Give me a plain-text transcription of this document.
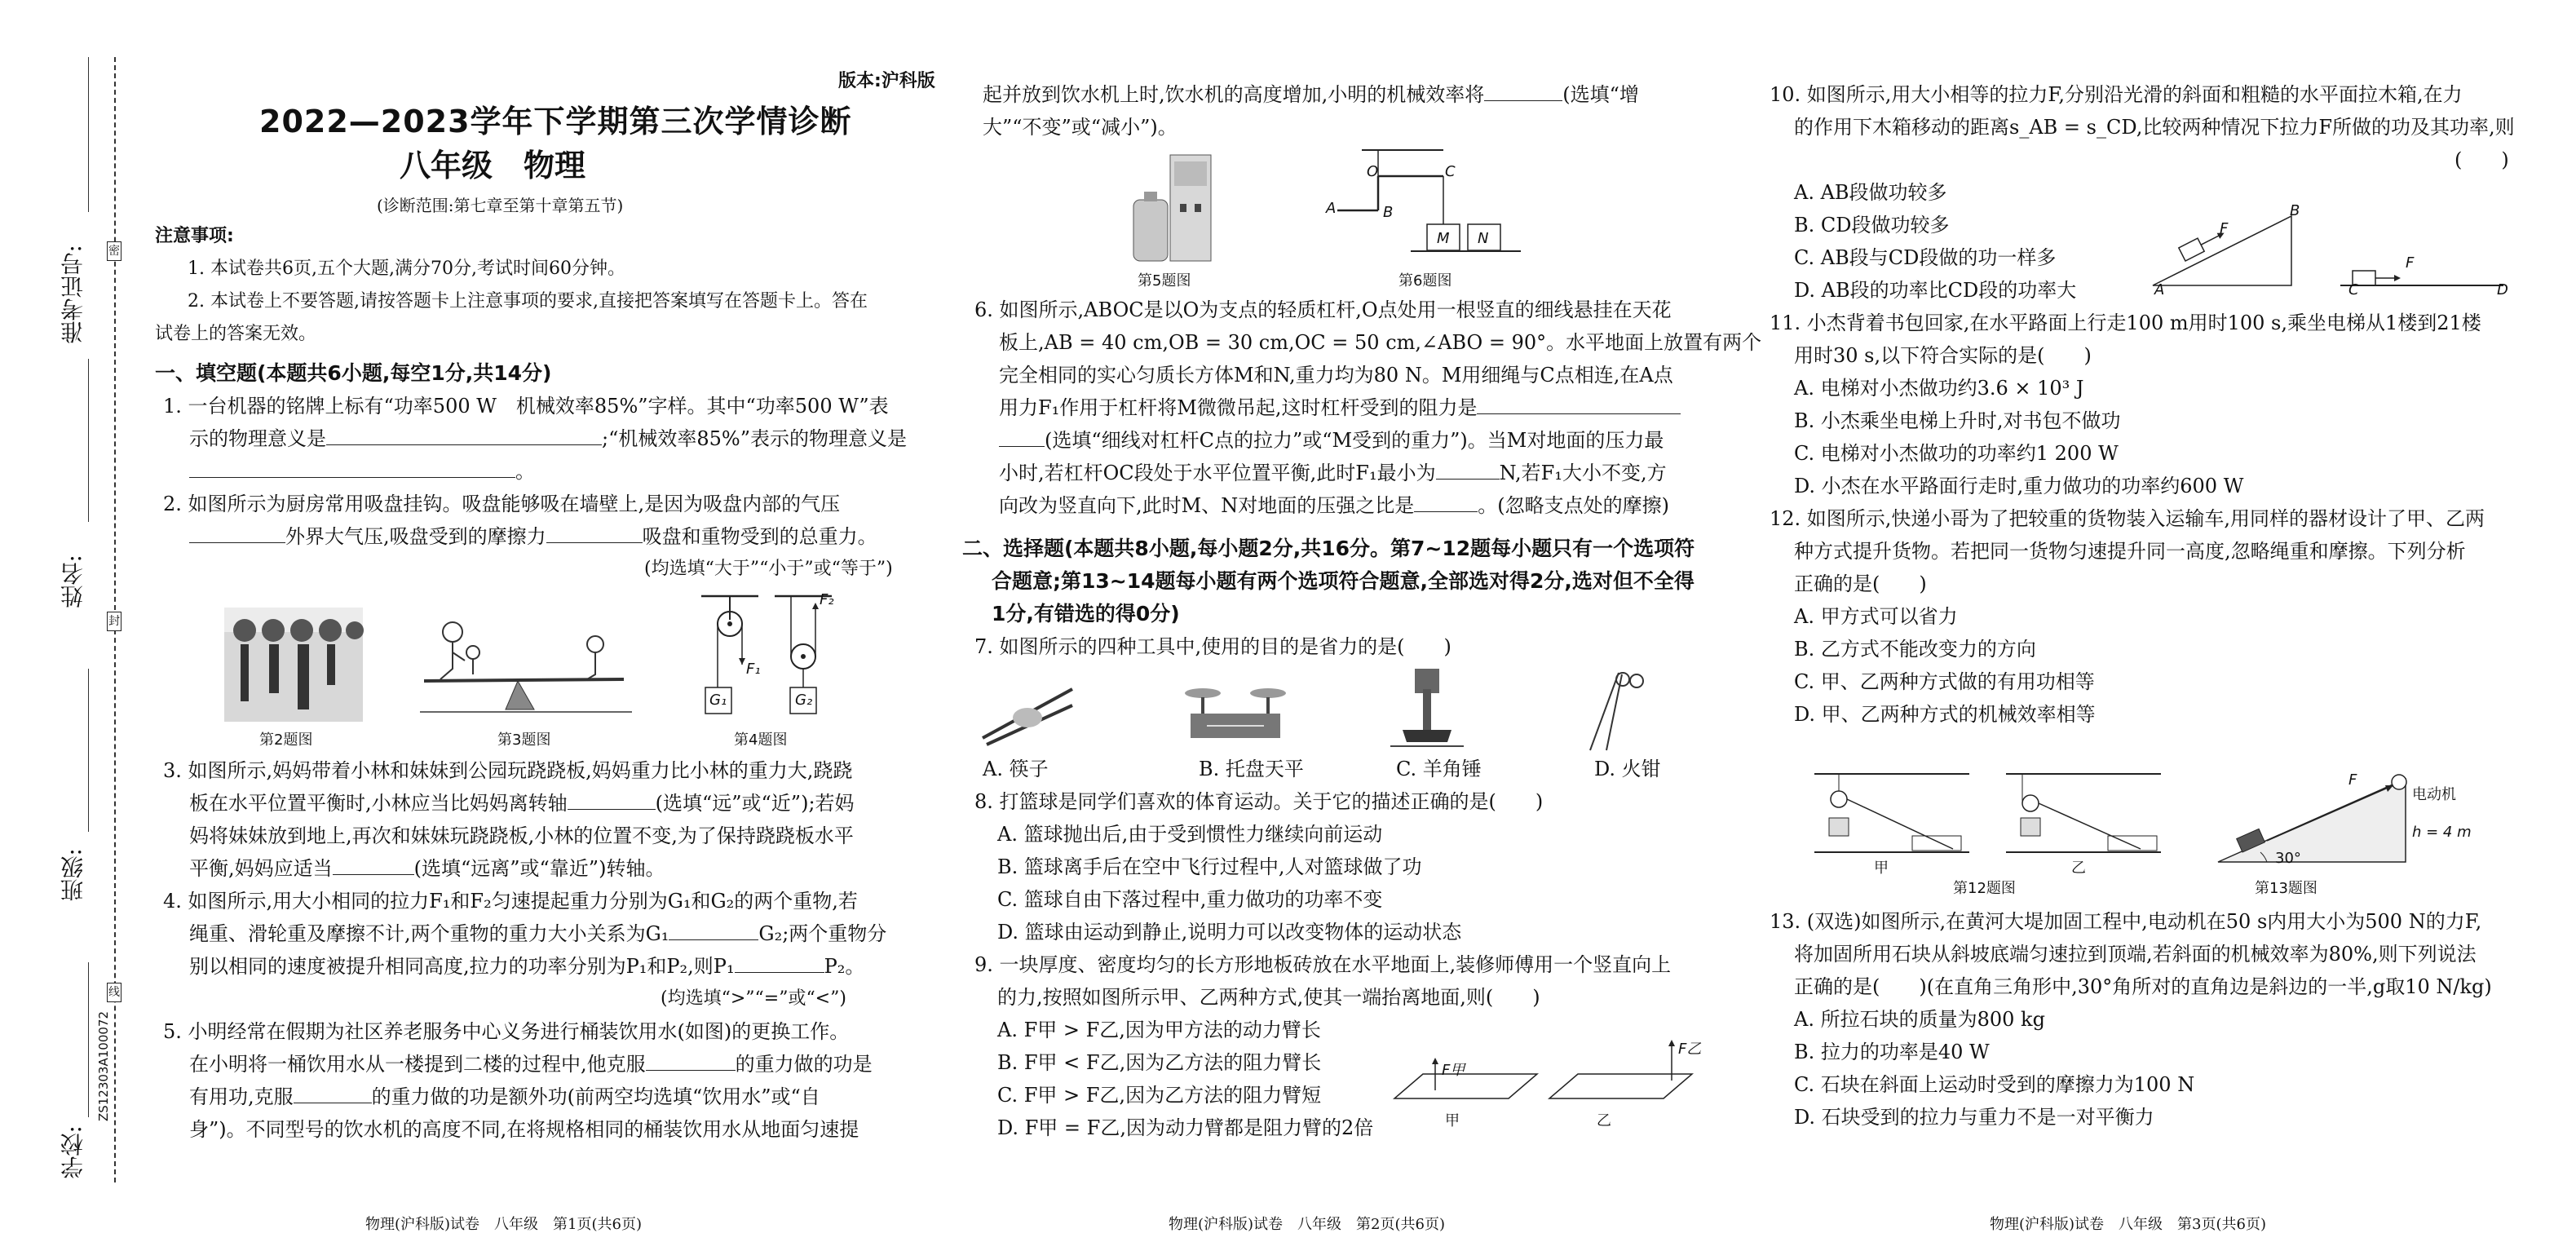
密
封
线
准考证号:
姓名:
班级:
学校:
ZS12303A100072
版本:沪科版
2022—2023学年下学期第三次学情诊断
八年级　物理
(诊断范围:第七章至第十章第五节)
注意事项:
1. 本试卷共6页,五个大题,满分70分,考试时间60分钟。
2. 本试卷上不要答题,请按答题卡上注意事项的要求,直接把答案填写在答题卡上。答在
试卷上的答案无效。
一、填空题(本题共6小题,每空1分,共14分)
1. 一台机器的铭牌上标有“功率500 W　机械效率85%”字样。其中“功率500 W”表
示的物理意义是	;“机械效率85%”表示的物理意义是
。
2. 如图所示为厨房常用吸盘挂钩。吸盘能够吸在墙壁上,是因为吸盘内部的气压
外界大气压,吸盘受到的摩擦力	吸盘和重物受到的总重力。
(均选填“大于”“小于”或“等于”)
第2题图	第3题图
F₁
F₂
G₁	G₂
第4题图
3. 如图所示,妈妈带着小林和妹妹到公园玩跷跷板,妈妈重力比小林的重力大,跷跷
板在水平位置平衡时,小林应当比妈妈离转轴	(选填“远”或“近”);若妈
妈将妹妹放到地上,再次和妹妹玩跷跷板,小林的位置不变,为了保持跷跷板水平
平衡,妈妈应适当	(选填“远离”或“靠近”)转轴。
4. 如图所示,用大小相同的拉力F₁和F₂匀速提起重力分别为G₁和G₂的两个重物,若
绳重、滑轮重及摩擦不计,两个重物的重力大小关系为G₁	G₂;两个重物分
别以相同的速度被提升相同高度,拉力的功率分别为P₁和P₂,则P₁	P₂。
(均选填“>”“=”或“<”)
5. 小明经常在假期为社区养老服务中心义务进行桶装饮用水(如图)的更换工作。
在小明将一桶饮用水从一楼提到二楼的过程中,他克服	的重力做的功是
有用功,克服	的重力做的功是额外功(前两空均选填“饮用水”或“自
身”)。不同型号的饮水机的高度不同,在将规格相同的桶装饮用水从地面匀速提
物理(沪科版)试卷　八年级　第1页(共6页)
起并放到饮水机上时,饮水机的高度增加,小明的机械效率将	(选填“增
大”“不变”或“减小”)。
第5题图
O	C
A	B
M N
第6题图
6. 如图所示,ABOC是以O为支点的轻质杠杆,O点处用一根竖直的细线悬挂在天花
板上,AB = 40 cm,OB = 30 cm,OC = 50 cm,∠ABO = 90°。水平地面上放置有两个
完全相同的实心匀质长方体M和N,重力均为80 N。M用细绳与C点相连,在A点
用力F₁作用于杠杆将M微微吊起,这时杠杆受到的阻力是
(选填“细线对杠杆C点的拉力”或“M受到的重力”)。当M对地面的压力最
小时,若杠杆OC段处于水平位置平衡,此时F₁最小为	N,若F₁大小不变,方
向改为竖直向下,此时M、N对地面的压强之比是	。(忽略支点处的摩擦)
二、选择题(本题共8小题,每小题2分,共16分。第7~12题每小题只有一个选项符
合题意;第13~14题每小题有两个选项符合题意,全部选对得2分,选对但不全得
1分,有错选的得0分)
7. 如图所示的四种工具中,使用的目的是省力的是(　　)
A. 筷子	B. 托盘天平	C. 羊角锤	D. 火钳
8. 打篮球是同学们喜欢的体育运动。关于它的描述正确的是(　　)
A. 篮球抛出后,由于受到惯性力继续向前运动
B. 篮球离手后在空中飞行过程中,人对篮球做了功
C. 篮球自由下落过程中,重力做功的功率不变
D. 篮球由运动到静止,说明力可以改变物体的运动状态
9. 一块厚度、密度均匀的长方形地板砖放在水平地面上,装修师傅用一个竖直向上
的力,按照如图所示甲、乙两种方式,使其一端抬离地面,则(　　)
A. F甲 > F乙,因为甲方法的动力臂长
B. F甲 < F乙,因为乙方法的阻力臂长
C. F甲 > F乙,因为乙方法的阻力臂短
D. F甲 = F乙,因为动力臂都是阻力臂的2倍
F甲
F乙
甲	乙
物理(沪科版)试卷　八年级　第2页(共6页)
10. 如图所示,用大小相等的拉力F,分别沿光滑的斜面和粗糙的水平面拉木箱,在力
的作用下木箱移动的距离s_AB = s_CD,比较两种情况下拉力F所做的功及其功率,则
(　　)
A. AB段做功较多
B. CD段做功较多
C. AB段与CD段做的功一样多
D. AB段的功率比CD段的功率大	A
B
C	D
F
F
11. 小杰背着书包回家,在水平路面上行走100 m用时100 s,乘坐电梯从1楼到21楼
用时30 s,以下符合实际的是(　　)
A. 电梯对小杰做功约3.6 × 10³ J
B. 小杰乘坐电梯上升时,对书包不做功
C. 电梯对小杰做功的功率约1 200 W
D. 小杰在水平路面行走时,重力做功的功率约600 W
12. 如图所示,快递小哥为了把较重的货物装入运输车,用同样的器材设计了甲、乙两
种方式提升货物。若把同一货物匀速提升同一高度,忽略绳重和摩擦。下列分析
正确的是(　　)
A. 甲方式可以省力
B. 乙方式不能改变力的方向
C. 甲、乙两种方式做的有用功相等
D. 甲、乙两种方式的机械效率相等
甲	乙
第12题图
电动机
h = 4 m
30°
F
第13题图
13. (双选)如图所示,在黄河大堤加固工程中,电动机在50 s内用大小为500 N的力F,
将加固所用石块从斜坡底端匀速拉到顶端,若斜面的机械效率为80%,则下列说法
正确的是(　　)(在直角三角形中,30°角所对的直角边是斜边的一半,g取10 N/kg)
A. 所拉石块的质量为800 kg
B. 拉力的功率是40 W
C. 石块在斜面上运动时受到的摩擦力为100 N
D. 石块受到的拉力与重力不是一对平衡力
物理(沪科版)试卷　八年级　第3页(共6页)
